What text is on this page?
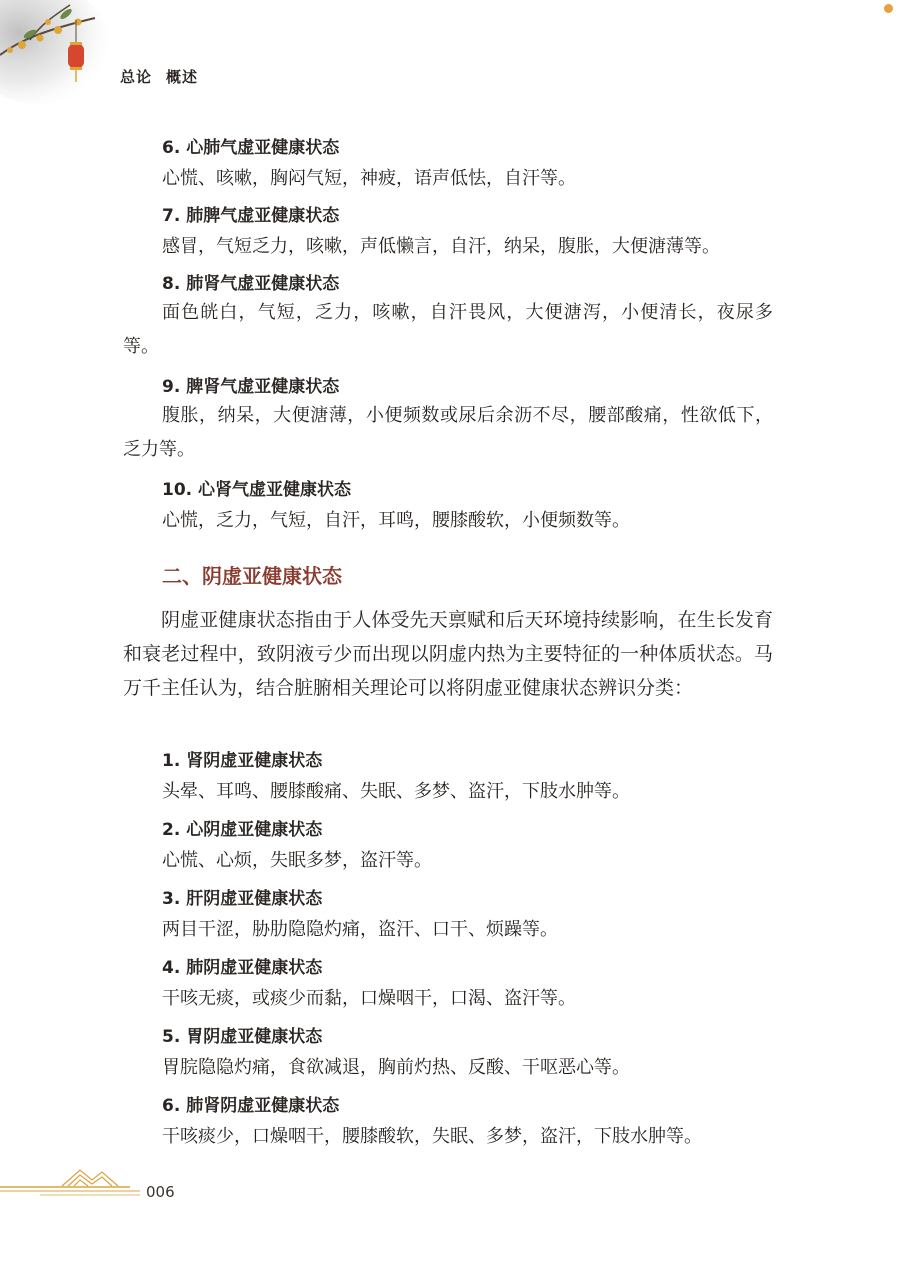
总论 概述
6. 心肺气虚亚健康状态
心慌、咳嗽，胸闷气短，神疲，语声低怯，自汗等。
7. 肺脾气虚亚健康状态
感冒，气短乏力，咳嗽，声低懒言，自汗，纳呆，腹胀，大便溏薄等。
8. 肺肾气虚亚健康状态
面色㿠白，气短，乏力，咳嗽，自汗畏风，大便溏泻，小便清长，夜尿多等。
9. 脾肾气虚亚健康状态
腹胀，纳呆，大便溏薄，小便频数或尿后余沥不尽，腰部酸痛，性欲低下，乏力等。
10. 心肾气虚亚健康状态
心慌，乏力，气短，自汗，耳鸣，腰膝酸软，小便频数等。
二、阴虚亚健康状态
阴虚亚健康状态指由于人体受先天禀赋和后天环境持续影响，在生长发育和衰老过程中，致阴液亏少而出现以阴虚内热为主要特征的一种体质状态。马万千主任认为，结合脏腑相关理论可以将阴虚亚健康状态辨识分类：
1. 肾阴虚亚健康状态
头晕、耳鸣、腰膝酸痛、失眠、多梦、盗汗，下肢水肿等。
2. 心阴虚亚健康状态
心慌、心烦，失眠多梦，盗汗等。
3. 肝阴虚亚健康状态
两目干涩，胁肋隐隐灼痛，盗汗、口干、烦躁等。
4. 肺阴虚亚健康状态
干咳无痰，或痰少而黏，口燥咽干，口渴、盗汗等。
5. 胃阴虚亚健康状态
胃脘隐隐灼痛，食欲减退，胸前灼热、反酸、干呕恶心等。
6. 肺肾阴虚亚健康状态
干咳痰少，口燥咽干，腰膝酸软，失眠、多梦，盗汗，下肢水肿等。
006
